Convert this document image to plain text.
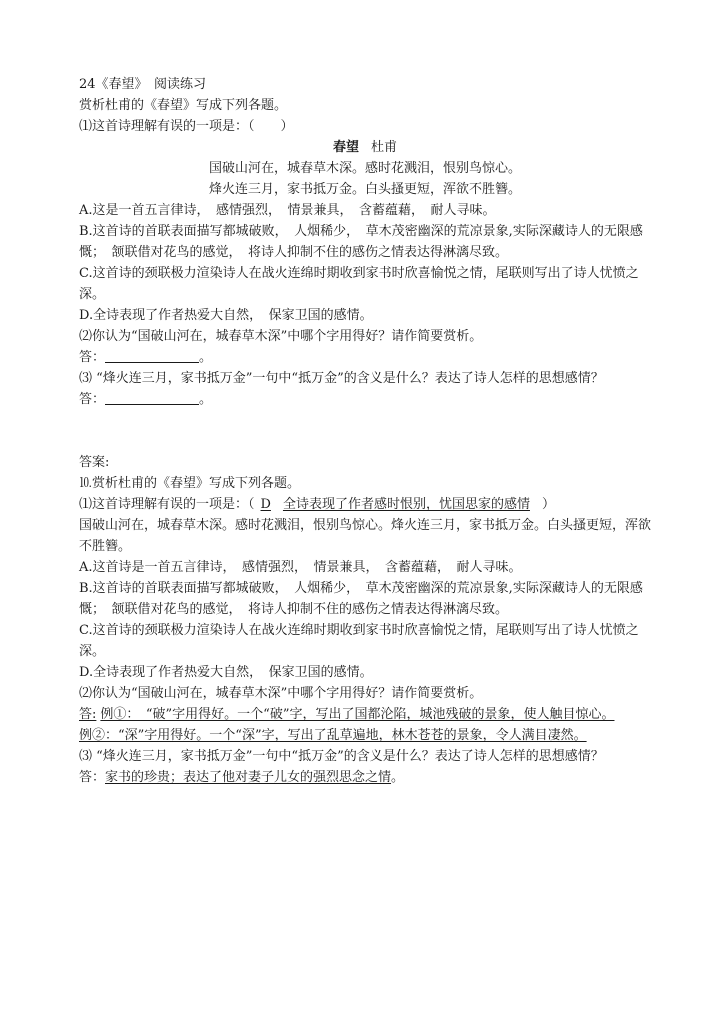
24《春望》　阅读练习
赏析杜甫的《春望》写成下列各题。
⑴这首诗理解有误的一项是：（　　）
春望 杜甫
国破山河在，城春草木深。感时花溅泪，恨别鸟惊心。
烽火连三月，家书抵万金。白头搔更短，浑欲不胜簪。
A.这是一首五言律诗，　感情强烈，　情景兼具，　含蓄蕴藉，　耐人寻味。
B.这首诗的首联表面描写都城破败，　人烟稀少，　草木茂密幽深的荒凉景象,实际深藏诗人的无限感慨；　颔联借对花鸟的感觉，　将诗人抑制不住的感伤之情表达得淋漓尽致。
C.这首诗的颈联极力渲染诗人在战火连绵时期收到家书时欣喜愉悦之情，尾联则写出了诗人忧愤之深。
D.全诗表现了作者热爱大自然，　保家卫国的感情。
⑵你认为“国破山河在，城春草木深”中哪个字用得好？请作简要赏析。
答：	。
⑶ “烽火连三月，家书抵万金”一句中“抵万金”的含义是什么？表达了诗人怎样的思想感情？
答：	。
答案:
⒑赏析杜甫的《春望》写成下列各题。
⑴这首诗理解有误的一项是：（ D 全诗表现了作者感时恨别，忧国思家的感情 ）
国破山河在，城春草木深。感时花溅泪，恨别鸟惊心。烽火连三月，家书抵万金。白头搔更短，浑欲不胜簪。
A.这首诗是一首五言律诗，　感情强烈，　情景兼具，　含蓄蕴藉，　耐人寻味。
B.这首诗的首联表面描写都城破败，　人烟稀少，　草木茂密幽深的荒凉景象,实际深藏诗人的无限感慨；　颔联借对花鸟的感觉，　将诗人抑制不住的感伤之情表达得淋漓尽致。
C.这首诗的颈联极力渲染诗人在战火连绵时期收到家书时欣喜愉悦之情，尾联则写出了诗人忧愤之深。
D.全诗表现了作者热爱大自然，　保家卫国的感情。
⑵你认为“国破山河在，城春草木深”中哪个字用得好？请作简要赏析。
答: 例①：　“破”字用得好。一个“破”字，写出了国都沦陷，城池残破的景象，使人触目惊心。
例②：“深”字用得好。一个“深”字，写出了乱草遍地，林木苍苍的景象，令人满目凄然。
⑶ “烽火连三月，家书抵万金”一句中“抵万金”的含义是什么？表达了诗人怎样的思想感情？
答：家书的珍贵；表达了他对妻子儿女的强烈思念之情。
